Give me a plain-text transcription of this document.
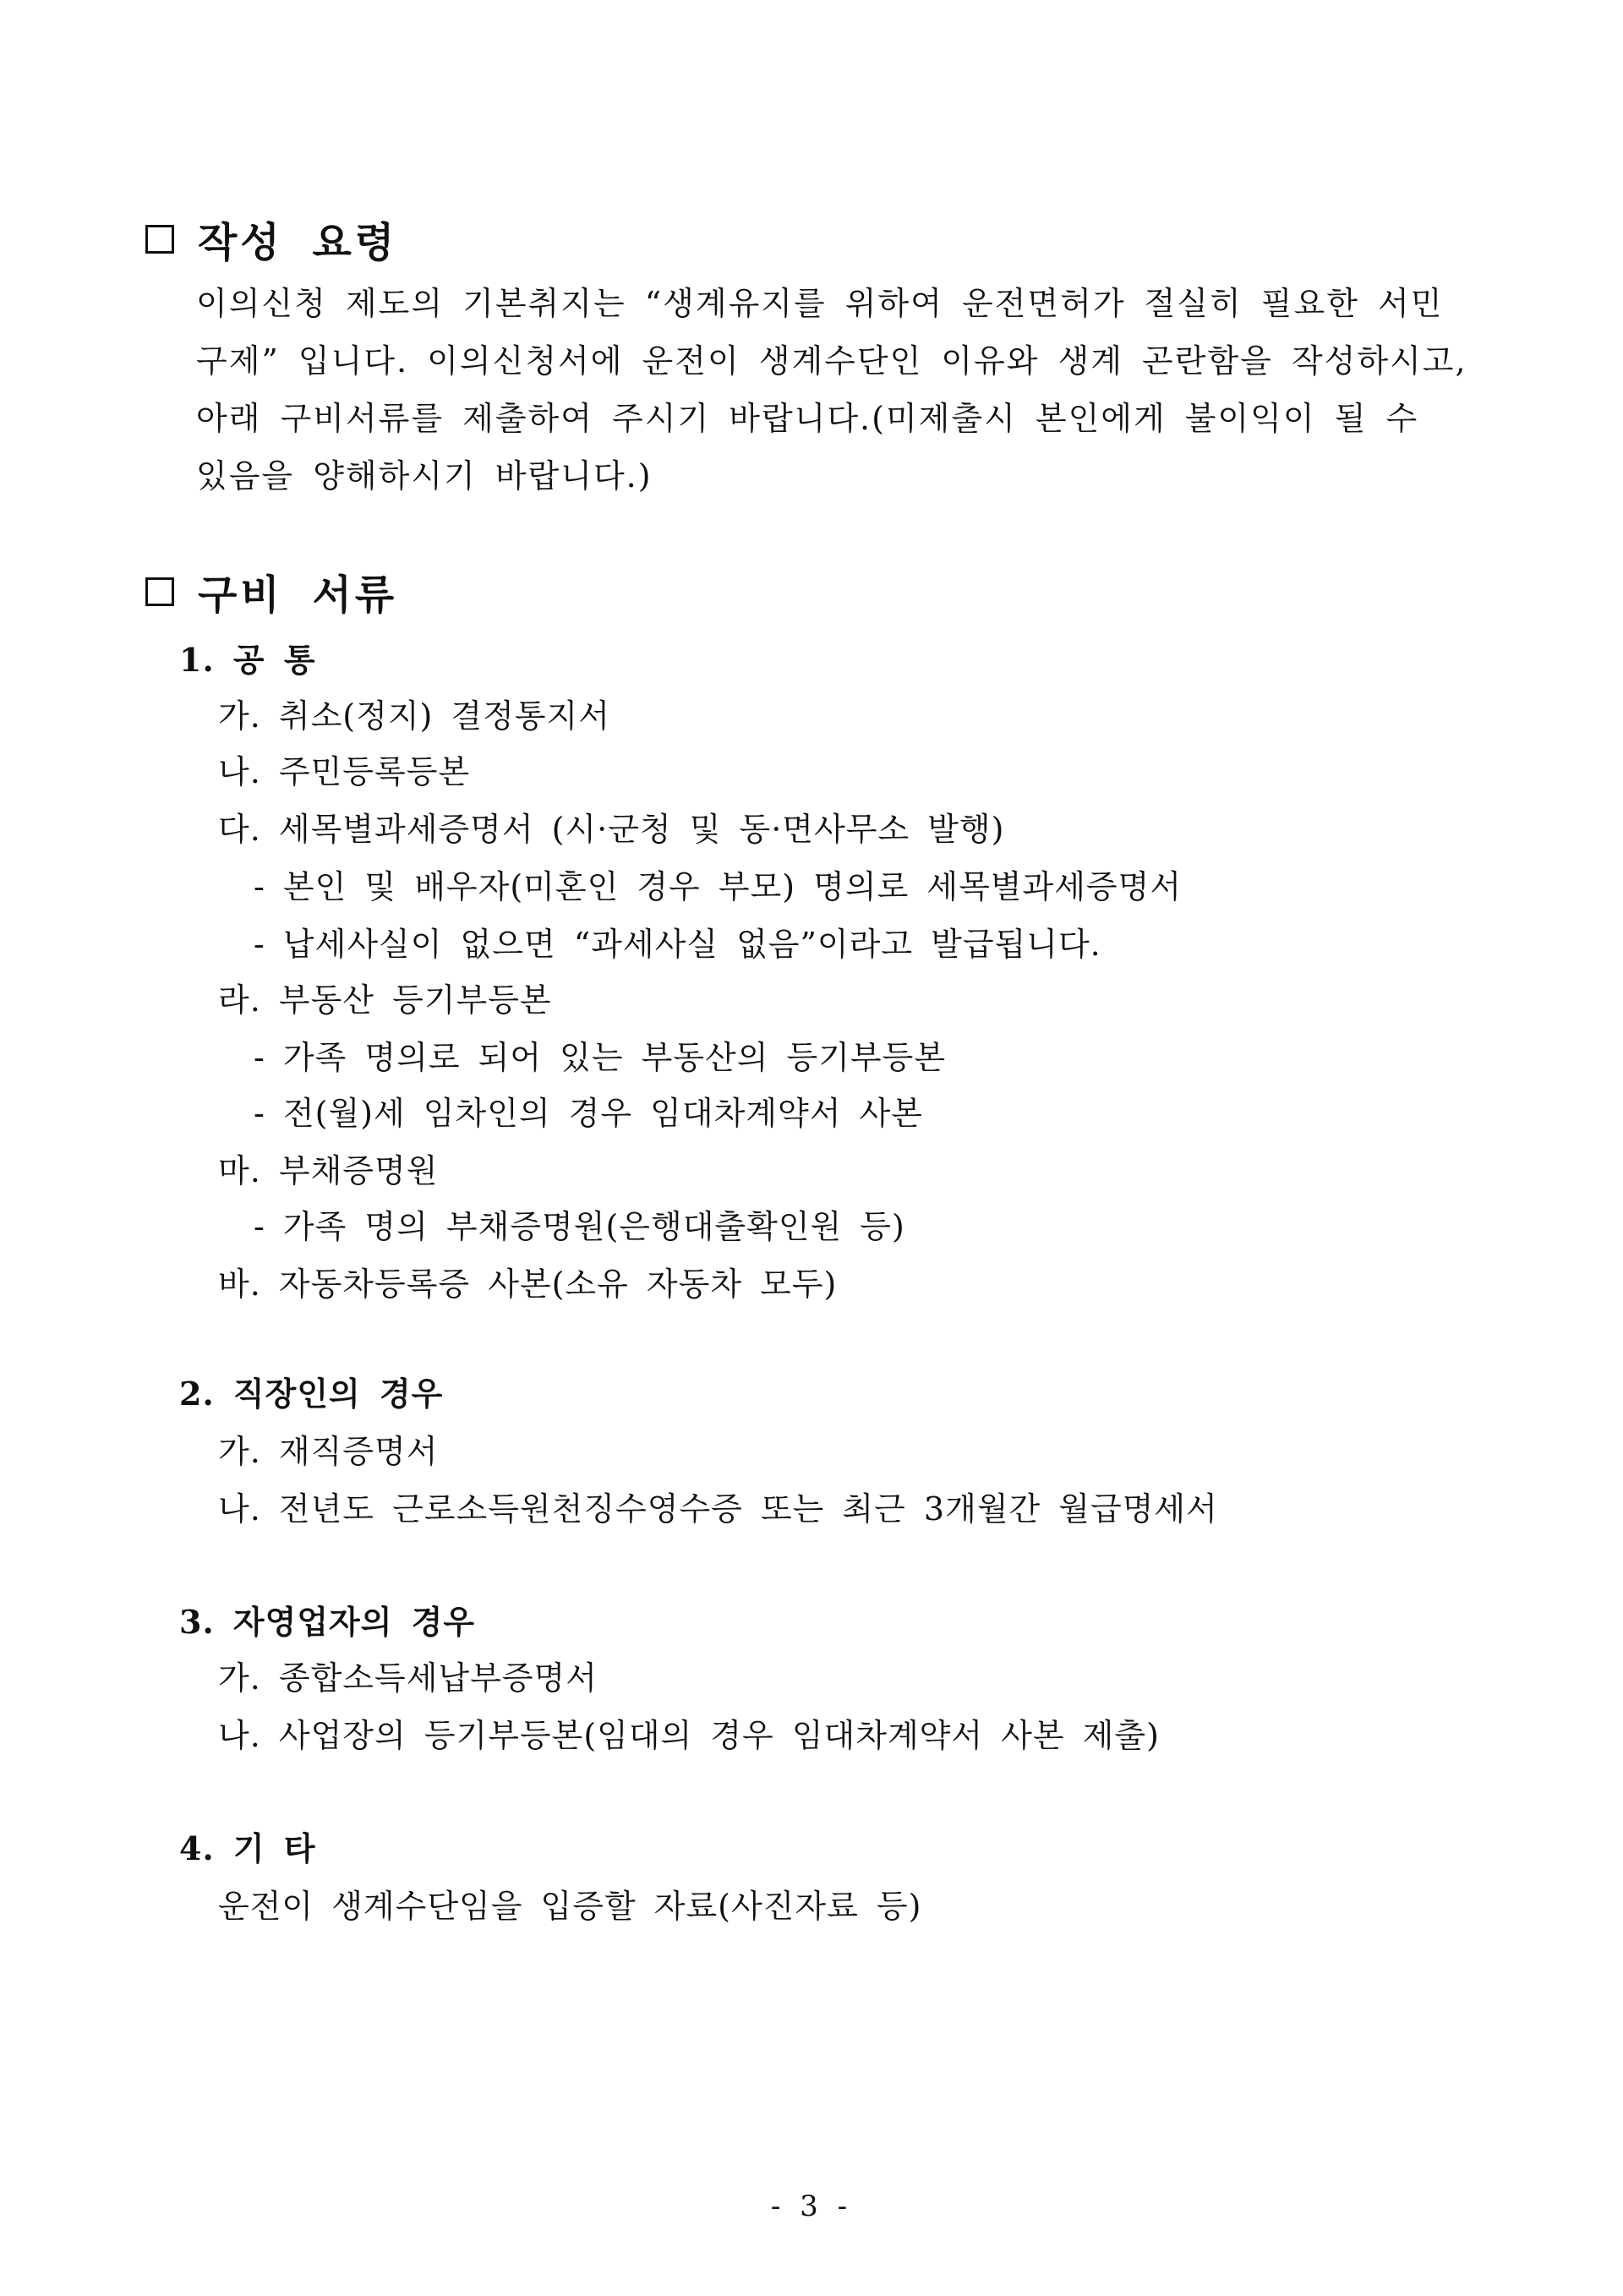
작성 요령
이의신청 제도의 기본취지는 “생계유지를 위하여 운전면허가 절실히 필요한 서민
구제” 입니다. 이의신청서에 운전이 생계수단인 이유와 생계 곤란함을 작성하시고,
아래 구비서류를 제출하여 주시기 바랍니다.(미제출시 본인에게 불이익이 될 수
있음을 양해하시기 바랍니다.)
구비 서류
1. 공 통
가. 취소(정지) 결정통지서
나. 주민등록등본
다. 세목별과세증명서 (시·군청 및 동·면사무소 발행)
- 본인 및 배우자(미혼인 경우 부모) 명의로 세목별과세증명서
- 납세사실이 없으면 “과세사실 없음”이라고 발급됩니다.
라. 부동산 등기부등본
- 가족 명의로 되어 있는 부동산의 등기부등본
- 전(월)세 임차인의 경우 임대차계약서 사본
마. 부채증명원
- 가족 명의 부채증명원(은행대출확인원 등)
바. 자동차등록증 사본(소유 자동차 모두)
2. 직장인의 경우
가. 재직증명서
나. 전년도 근로소득원천징수영수증 또는 최근 3개월간 월급명세서
3. 자영업자의 경우
가. 종합소득세납부증명서
나. 사업장의 등기부등본(임대의 경우 임대차계약서 사본 제출)
4. 기 타
운전이 생계수단임을 입증할 자료(사진자료 등)
- 3 -
